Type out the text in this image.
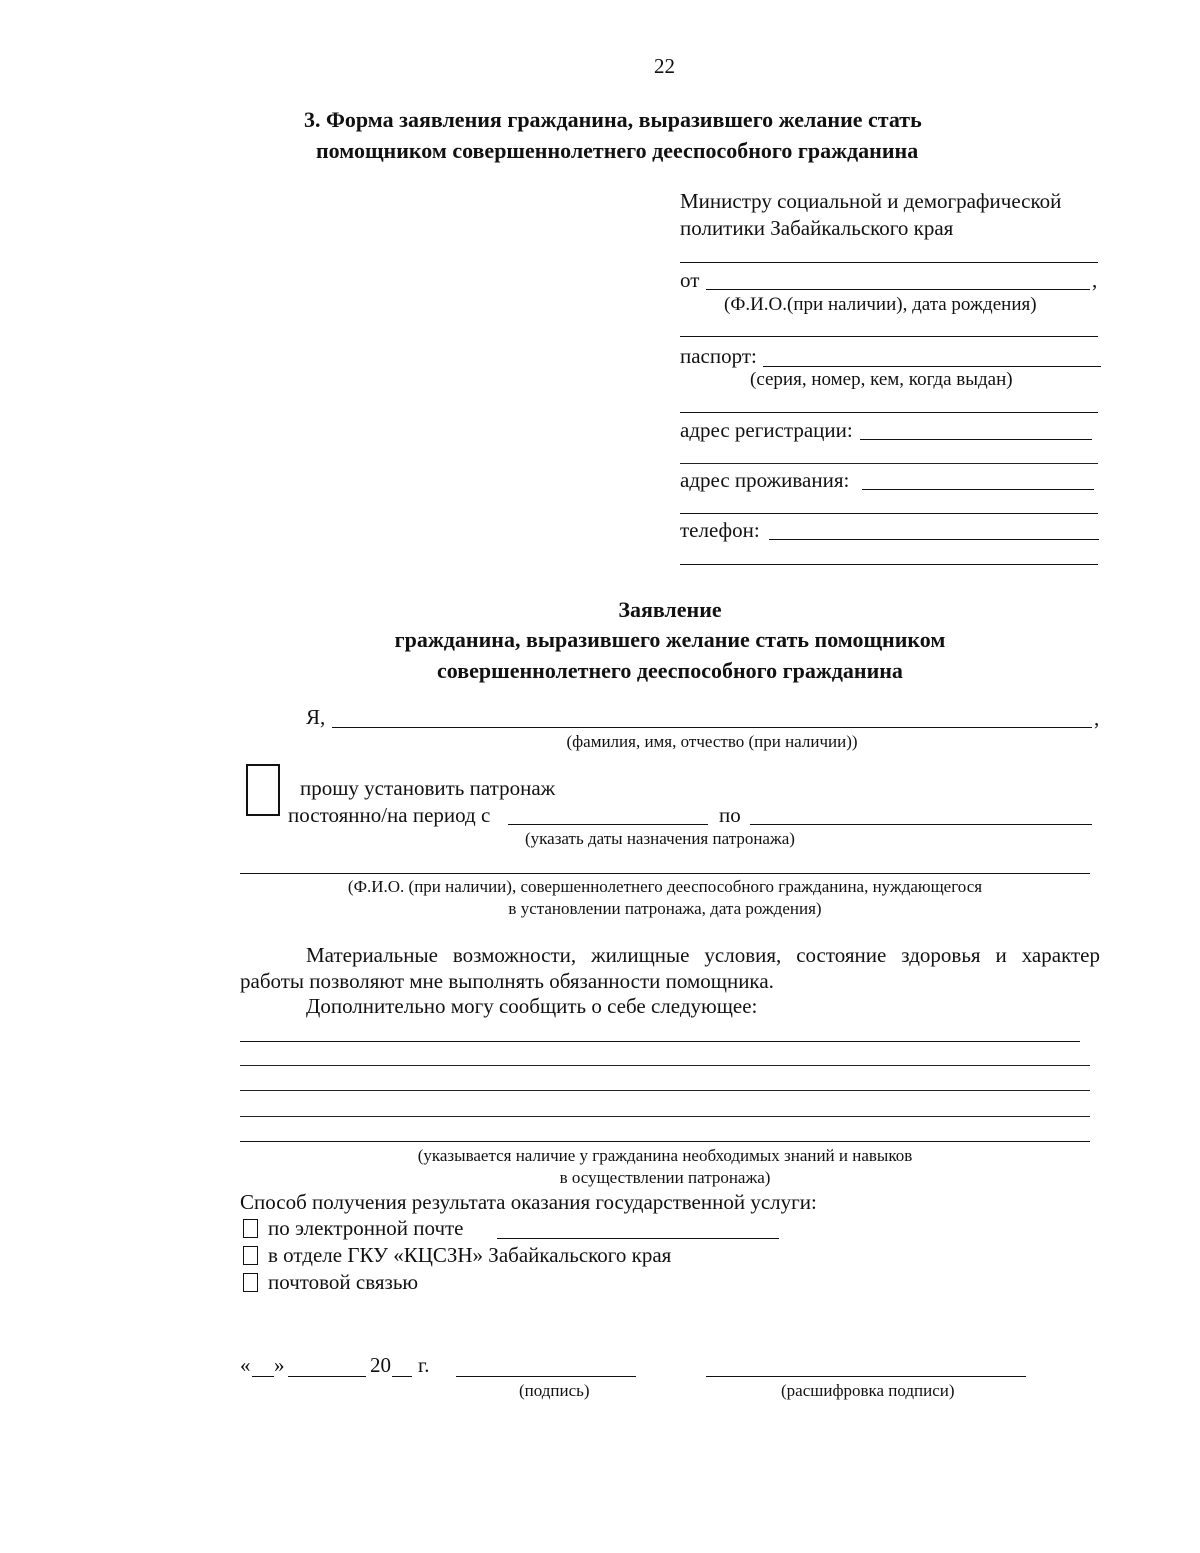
22
3. Форма заявления гражданина, выразившего желание стать
помощником совершеннолетнего дееспособного гражданина
Министру социальной и демографической
политики Забайкальского края
от	,
(Ф.И.О.(при наличии), дата рождения)
паспорт:
(серия, номер, кем, когда выдан)
адрес регистрации:
адрес проживания:
телефон:
Заявление
гражданина, выразившего желание стать помощником
совершеннолетнего дееспособного гражданина
Я,	,
(фамилия, имя, отчество (при наличии))
прошу установить патронаж
постоянно/на период с	по
(указать даты назначения патронажа)
(Ф.И.О. (при наличии), совершеннолетнего дееспособного гражданина, нуждающегося
в установлении патронажа, дата рождения)
Материальные возможности, жилищные условия, состояние здоровья и характер
работы позволяют мне выполнять обязанности помощника.
Дополнительно могу сообщить о себе следующее:
(указывается наличие у гражданина необходимых знаний и навыков
в осуществлении патронажа)
Способ получения результата оказания государственной услуги:
по электронной почте
в отделе ГКУ «КЦСЗН» Забайкальского края
почтовой связью
« »	20 г.
(подпись)	(расшифровка подписи)
